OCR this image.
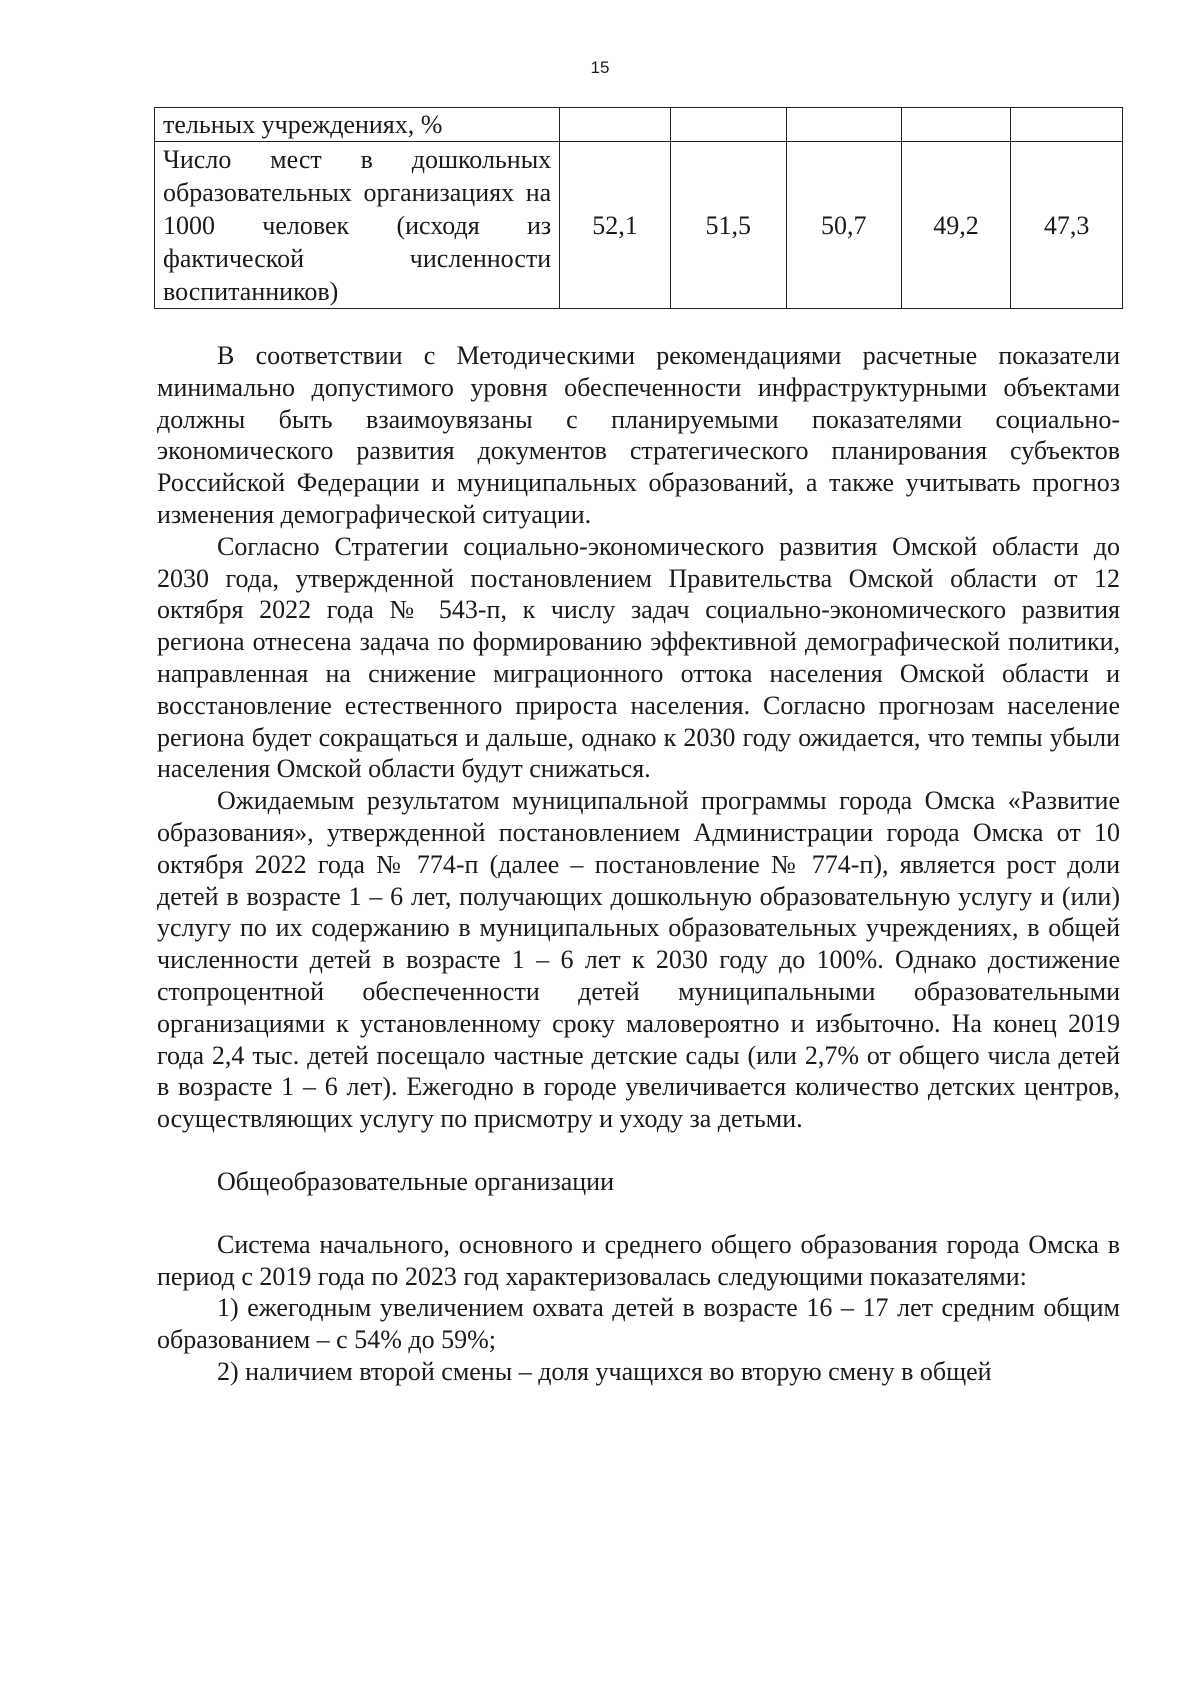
15
тельных учреждениях, %					
Число мест в дошкольных образовательных организациях на 1000 человек (исходя из фактической численности воспитанников)	52,1	51,5	50,7	49,2	47,3

В соответствии с Методическими рекомендациями расчетные показатели минимально допустимого уровня обеспеченности инфраструктурными объектами должны быть взаимоувязаны с планируемыми показателями социально-экономического развития документов стратегического планирования субъектов Российской Федерации и муниципальных образований, а также учитывать прогноз изменения демографической ситуации.

Согласно Стратегии социально-экономического развития Омской области до 2030 года, утвержденной постановлением Правительства Омской области от 12 октября 2022 года № 543-п, к числу задач социально-экономического развития региона отнесена задача по формированию эффективной демографической политики, направленная на снижение миграционного оттока населения Омской области и восстановление естественного прироста населения. Согласно прогнозам население региона будет сокращаться и дальше, однако к 2030 году ожидается, что темпы убыли населения Омской области будут снижаться.

Ожидаемым результатом муниципальной программы города Омска «Развитие образования», утвержденной постановлением Администрации города Омска от 10 октября 2022 года № 774-п (далее – постановление № 774-п), является рост доли детей в возрасте 1 – 6 лет, получающих дошкольную образовательную услугу и (или) услугу по их содержанию в муниципальных образовательных учреждениях, в общей численности детей в возрасте 1 – 6 лет к 2030 году до 100%. Однако достижение стопроцентной обеспеченности детей муниципальными образовательными организациями к установленному сроку маловероятно и избыточно. На конец 2019 года 2,4 тыс. детей посещало частные детские сады (или 2,7% от общего числа детей в возрасте 1 – 6 лет). Ежегодно в городе увеличивается количество детских центров, осуществляющих услугу по присмотру и уходу за детьми.

Общеобразовательные организации

Система начального, основного и среднего общего образования города Омска в период с 2019 года по 2023 год характеризовалась следующими показателями:

1) ежегодным увеличением охвата детей в возрасте 16 – 17 лет средним общим образованием – с 54% до 59%;

2) наличием второй смены – доля учащихся во вторую смену в общей
